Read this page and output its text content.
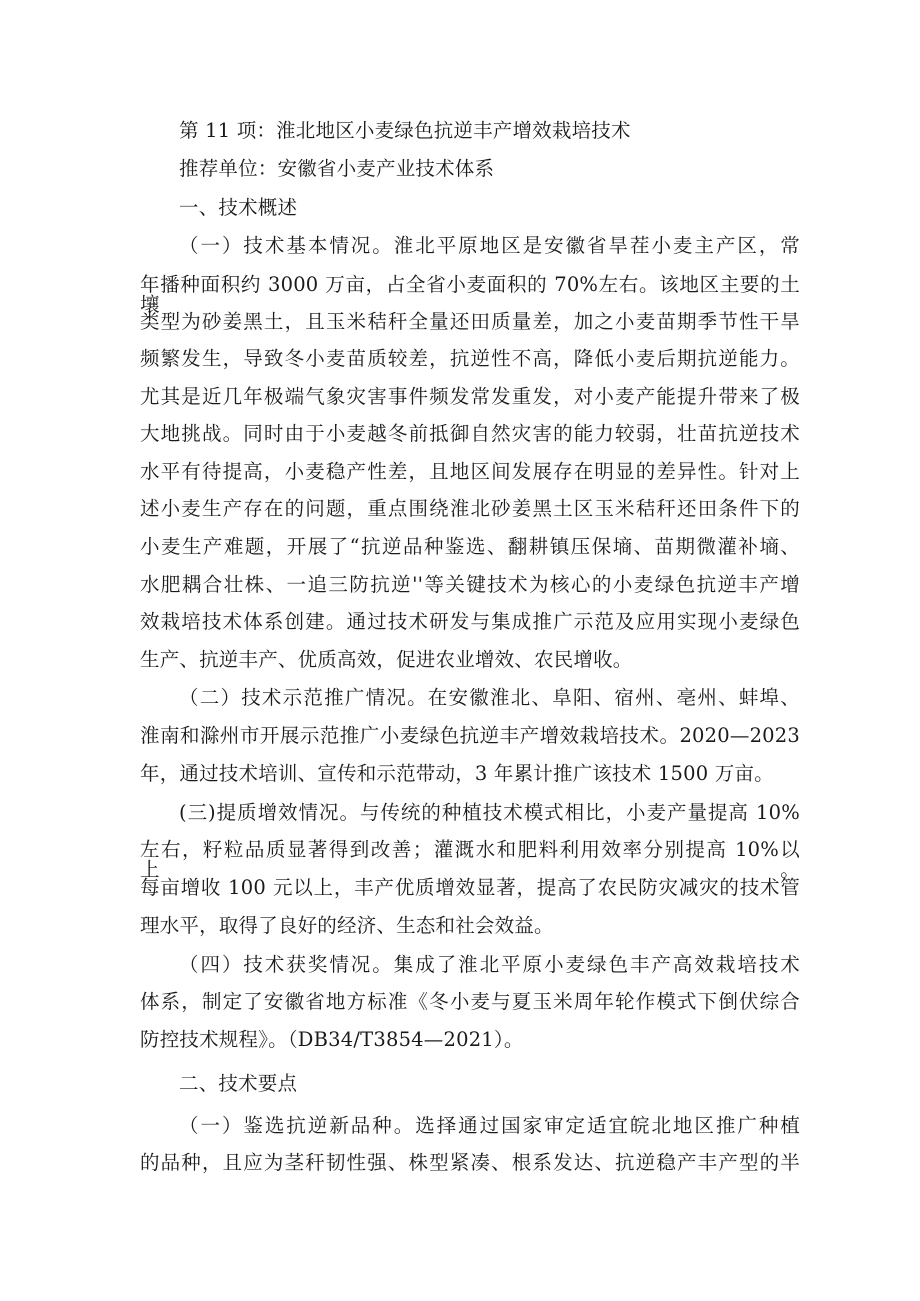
第 11 项：淮北地区小麦绿色抗逆丰产增效栽培技术
推荐单位：安徽省小麦产业技术体系
一、技术概述
（一）技术基本情况。淮北平原地区是安徽省旱茬小麦主产区，常
年播种面积约 3000 万亩，占全省小麦面积的 70%左右。该地区主要的土壤
类型为砂姜黑土，且玉米秸秆全量还田质量差，加之小麦苗期季节性干旱
频繁发生，导致冬小麦苗质较差，抗逆性不高，降低小麦后期抗逆能力。
尤其是近几年极端气象灾害事件频发常发重发，对小麦产能提升带来了极
大地挑战。同时由于小麦越冬前抵御自然灾害的能力较弱，壮苗抗逆技术
水平有待提高，小麦稳产性差，且地区间发展存在明显的差异性。针对上
述小麦生产存在的问题，重点围绕淮北砂姜黑土区玉米秸秆还田条件下的
小麦生产难题，开展了“抗逆品种鉴选、翻耕镇压保墒、苗期微灌补墒、
水肥耦合壮株、一追三防抗逆''等关键技术为核心的小麦绿色抗逆丰产增
效栽培技术体系创建。通过技术研发与集成推广示范及应用实现小麦绿色
生产、抗逆丰产、优质高效，促进农业增效、农民增收。
（二）技术示范推广情况。在安徽淮北、阜阳、宿州、亳州、蚌埠、
淮南和滁州市开展示范推广小麦绿色抗逆丰产增效栽培技术。2020—2023
年，通过技术培训、宣传和示范带动，3 年累计推广该技术 1500 万亩。
(三)提质增效情况。与传统的种植技术模式相比，小麦产量提高 10%
左右，籽粒品质显著得到改善；灌溉水和肥料利用效率分别提高 10%以上。
每亩增收 100 元以上，丰产优质增效显著，提高了农民防灾减灾的技术管
理水平，取得了良好的经济、生态和社会效益。
（四）技术获奖情况。集成了淮北平原小麦绿色丰产高效栽培技术
体系，制定了安徽省地方标准《冬小麦与夏玉米周年轮作模式下倒伏综合
防控技术规程》。（DB34/T3854—2021）。
二、技术要点
（一）鉴选抗逆新品种。选择通过国家审定适宜皖北地区推广种植
的品种，且应为茎秆韧性强、株型紧凑、根系发达、抗逆稳产丰产型的半
